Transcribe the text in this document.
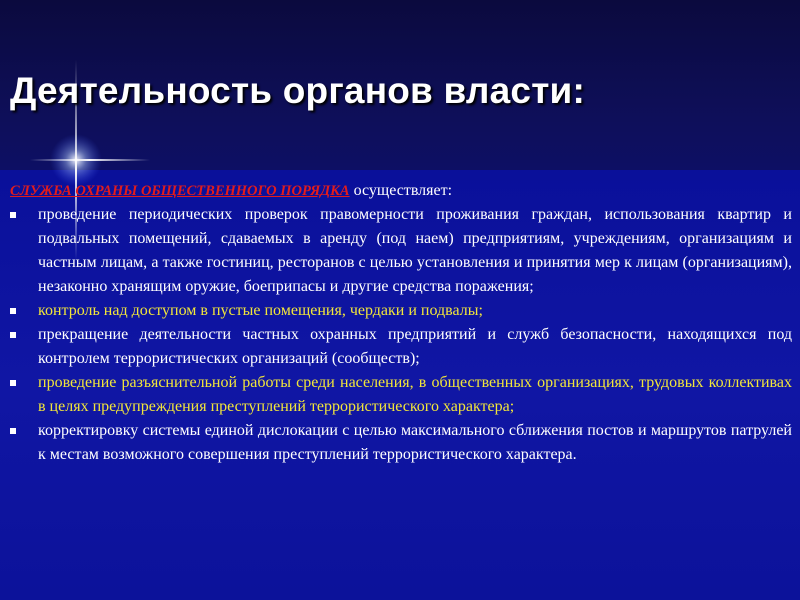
Деятельность органов власти:
СЛУЖБА ОХРАНЫ ОБЩЕСТВЕННОГО ПОРЯДКА осуществляет:
проведение периодических проверок правомерности проживания граждан, использования квартир и подвальных помещений, сдаваемых в аренду (под наем) предприятиям, учреждениям, организациям и частным лицам, а также гостиниц, ресторанов с целью установления и принятия мер к лицам (организациям), незаконно хранящим оружие, боеприпасы и другие средства поражения;
контроль над доступом в пустые помещения, чердаки и подвалы;
прекращение деятельности частных охранных предприятий и служб безопасности, находящихся под контролем террористических организаций (сообществ);
проведение разъяснительной работы среди населения, в общественных организациях, трудовых коллективах в целях предупреждения преступлений террористического характера;
корректировку системы единой дислокации с целью максимального сближения постов и маршрутов патрулей к местам возможного совершения преступлений террористического характера.
